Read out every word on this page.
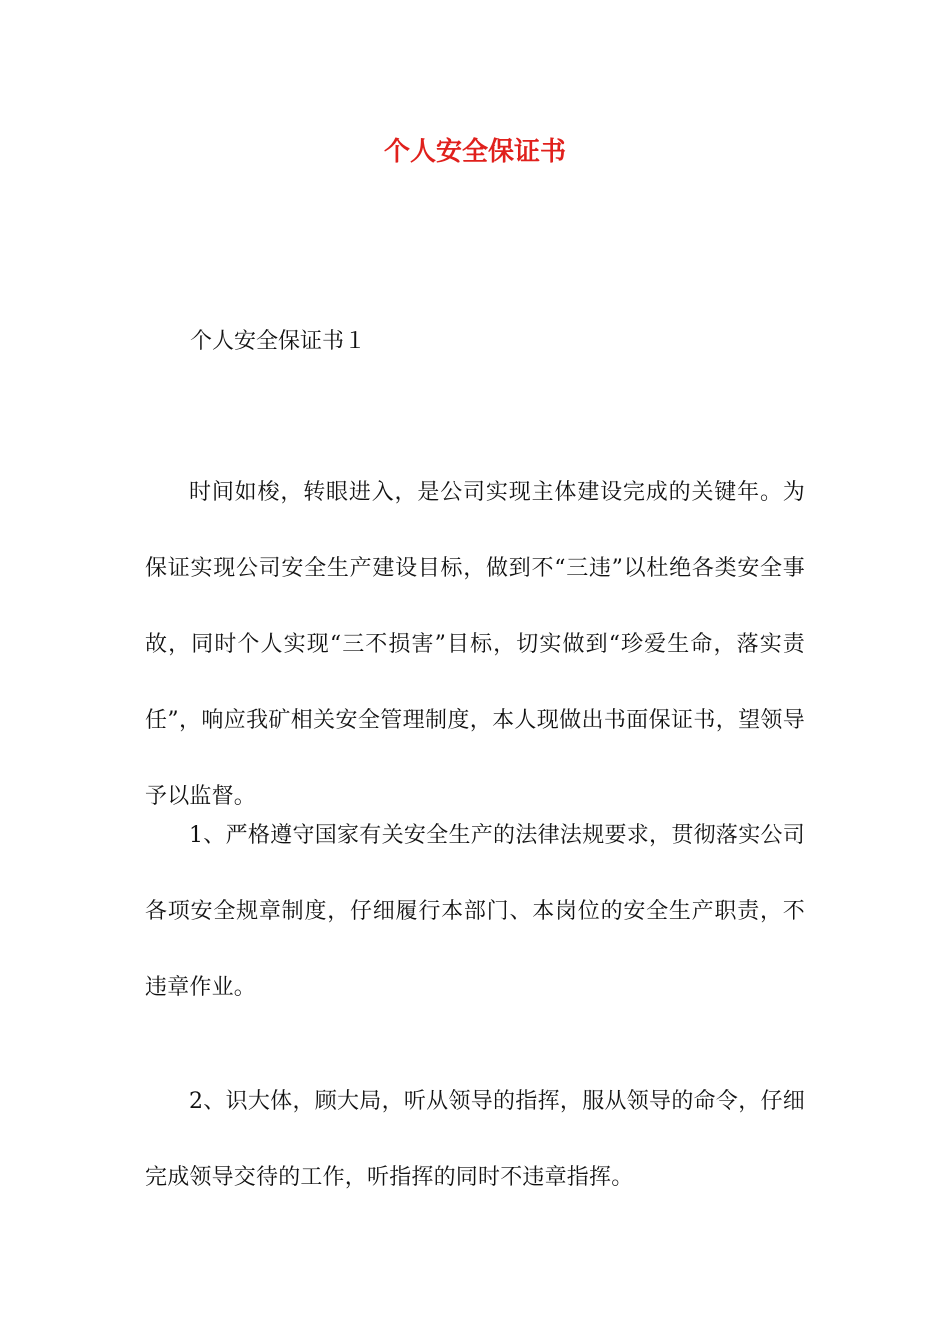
个人安全保证书

个人安全保证书１

时间如梭，转眼进入，是公司实现主体建设完成的关键年。为保证实现公司安全生产建设目标，做到不“三违”以杜绝各类安全事故，同时个人实现“三不损害”目标，切实做到“珍爱生命，落实责任”，响应我矿相关安全管理制度，本人现做出书面保证书，望领导予以监督。

1、严格遵守国家有关安全生产的法律法规要求，贯彻落实公司各项安全规章制度，仔细履行本部门、本岗位的安全生产职责，不违章作业。

2、识大体，顾大局，听从领导的指挥，服从领导的命令，仔细完成领导交待的工作，听指挥的同时不违章指挥。
